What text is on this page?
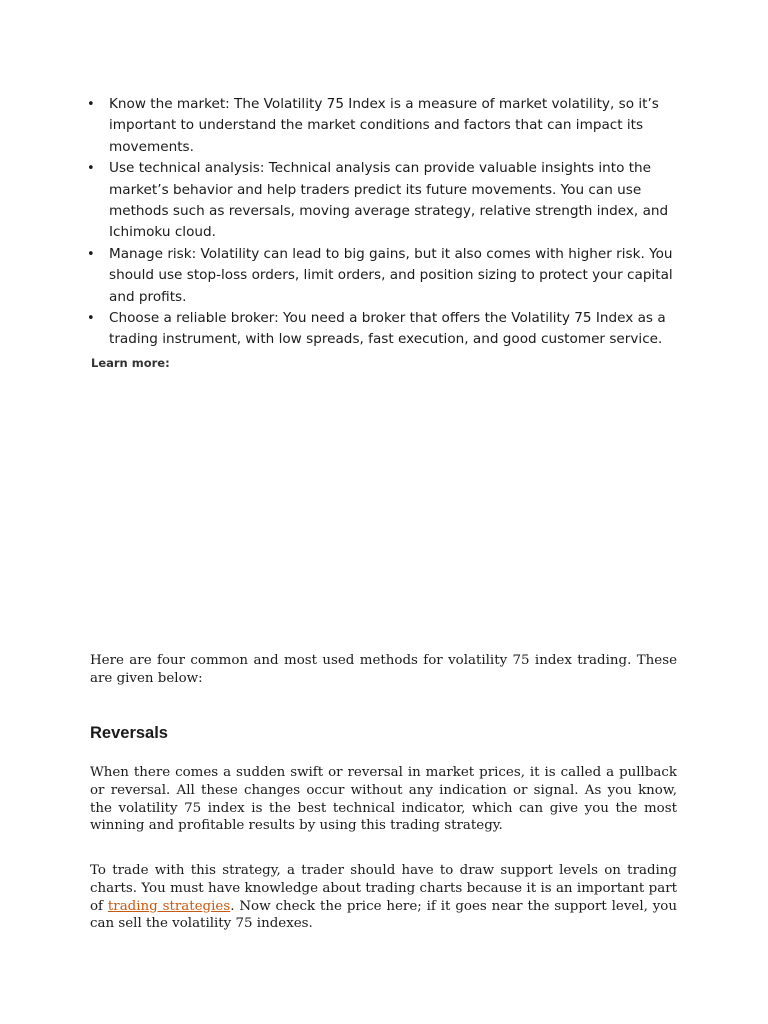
• Know the market: The Volatility 75 Index is a measure of market volatility, so it’s important to understand the market conditions and factors that can impact its movements.
• Use technical analysis: Technical analysis can provide valuable insights into the market’s behavior and help traders predict its future movements. You can use methods such as reversals, moving average strategy, relative strength index, and Ichimoku cloud.
• Manage risk: Volatility can lead to big gains, but it also comes with higher risk. You should use stop-loss orders, limit orders, and position sizing to protect your capital and profits.
• Choose a reliable broker: You need a broker that offers the Volatility 75 Index as a trading instrument, with low spreads, fast execution, and good customer service.
Learn more:

Here are four common and most used methods for volatility 75 index trading. These are given below:

Reversals

When there comes a sudden swift or reversal in market prices, it is called a pullback or reversal. All these changes occur without any indication or signal. As you know, the volatility 75 index is the best technical indicator, which can give you the most winning and profitable results by using this trading strategy.

To trade with this strategy, a trader should have to draw support levels on trading charts. You must have knowledge about trading charts because it is an important part of trading strategies. Now check the price here; if it goes near the support level, you can sell the volatility 75 indexes.
